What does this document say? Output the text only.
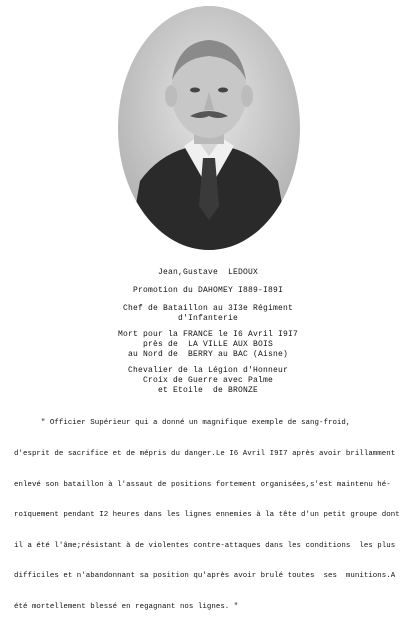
Jean,Gustave  LEDOUX
Promotion du DAHOMEY I889-I89I
Chef de Bataillon au 3I3e Régiment
d'Infanterie
Mort pour la FRANCE le I6 Avril I9I7
près de  LA VILLE AUX BOIS
au Nord de  BERRY au BAC (Aisne)
Chevalier de la Légion d'Honneur
Croix de Guerre avec Palme
et Etoile  de BRONZE

" Officier Supérieur qui a donné un magnifique exemple de sang-froid,

d'esprit de sacrifice et de mépris du danger.Le I6 Avril I9I7 après avoir brillamment

enlevé son bataillon à l'assaut de positions fortement organisées,s'est maintenu hé-

roïquement pendant I2 heures dans les lignes ennemies à la tête d'un petit groupe dont

il a été l'âme;résistant à de violentes contre-attaques dans les conditions  les plus

difficiles et n'abandonnant sa position qu'après avoir brulé toutes  ses  munitions.A

été mortellement blessé en regagnant nos lignes. "
